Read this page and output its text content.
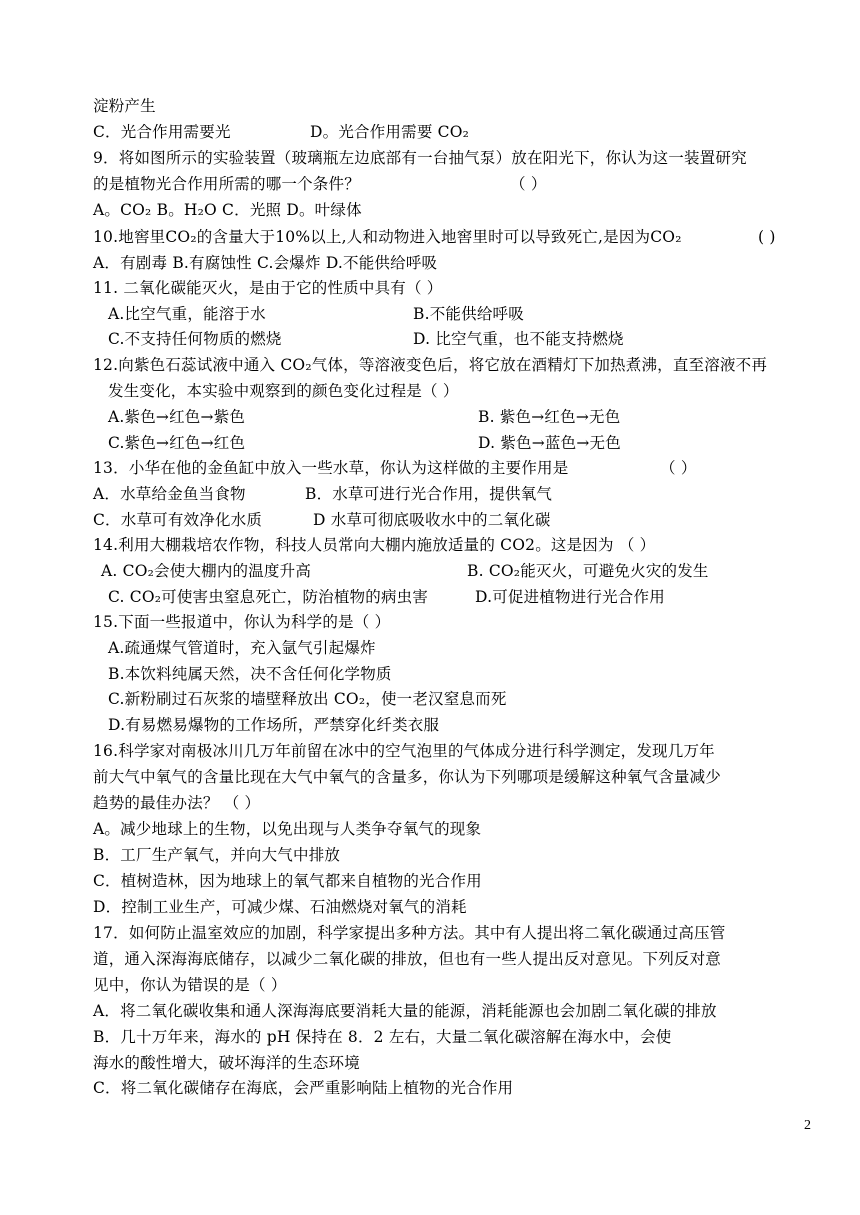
淀粉产生
C．光合作用需要光	D。光合作用需要 CO₂
9．将如图所示的实验装置（玻璃瓶左边底部有一台抽气泵）放在阳光下，你认为这一装置研究
的是植物光合作用所需的哪一个条件？	（ ）
A。CO₂ B。H₂O C．光照 D。叶绿体
10.地窖里CO₂的含量大于10%以上,人和动物进入地窖里时可以导致死亡,是因为CO₂	( )
A．有剧毒 B.有腐蚀性 C.会爆炸 D.不能供给呼吸
11. 二氧化碳能灭火，是由于它的性质中具有（ ）
A.比空气重，能溶于水	B.不能供给呼吸
C.不支持任何物质的燃烧	D. 比空气重，也不能支持燃烧
12.向紫色石蕊试液中通入 CO₂气体，等溶液变色后，将它放在酒精灯下加热煮沸，直至溶液不再
发生变化，本实验中观察到的颜色变化过程是（ ）
A.紫色→红色→紫色	B. 紫色→红色→无色
C.紫色→红色→红色	D. 紫色→蓝色→无色
13．小华在他的金鱼缸中放入一些水草，你认为这样做的主要作用是	（ ）
A．水草给金鱼当食物	B．水草可进行光合作用，提供氧气
C．水草可有效净化水质	D 水草可彻底吸收水中的二氧化碳
14.利用大棚栽培农作物，科技人员常向大棚内施放适量的 CO2。这是因为 （ ）
A. CO₂会使大棚内的温度升高	B. CO₂能灭火，可避免火灾的发生
C. CO₂可使害虫窒息死亡，防治植物的病虫害	D.可促进植物进行光合作用
15.下面一些报道中，你认为科学的是（ ）
A.疏通煤气管道时，充入氩气引起爆炸
B.本饮料纯属天然，决不含任何化学物质
C.新粉刷过石灰浆的墙壁释放出 CO₂，使一老汉窒息而死
D.有易燃易爆物的工作场所，严禁穿化纤类衣服
16.科学家对南极冰川几万年前留在冰中的空气泡里的气体成分进行科学测定，发现几万年
前大气中氧气的含量比现在大气中氧气的含量多，你认为下列哪项是缓解这种氧气含量减少
趋势的最佳办法？ （ ）
A。减少地球上的生物，以免出现与人类争夺氧气的现象
B．工厂生产氧气，并向大气中排放
C．植树造林，因为地球上的氧气都来自植物的光合作用
D．控制工业生产，可减少煤、石油燃烧对氧气的消耗
17．如何防止温室效应的加剧，科学家提出多种方法。其中有人提出将二氧化碳通过高压管
道，通入深海海底储存，以减少二氧化碳的排放，但也有一些人提出反对意见。下列反对意
见中，你认为错误的是（ ）
A．将二氧化碳收集和通人深海海底要消耗大量的能源，消耗能源也会加剧二氧化碳的排放
B．几十万年来，海水的 pH 保持在 8．2 左右，大量二氧化碳溶解在海水中，会使
海水的酸性增大，破坏海洋的生态环境
C．将二氧化碳储存在海底，会严重影响陆上植物的光合作用
2
